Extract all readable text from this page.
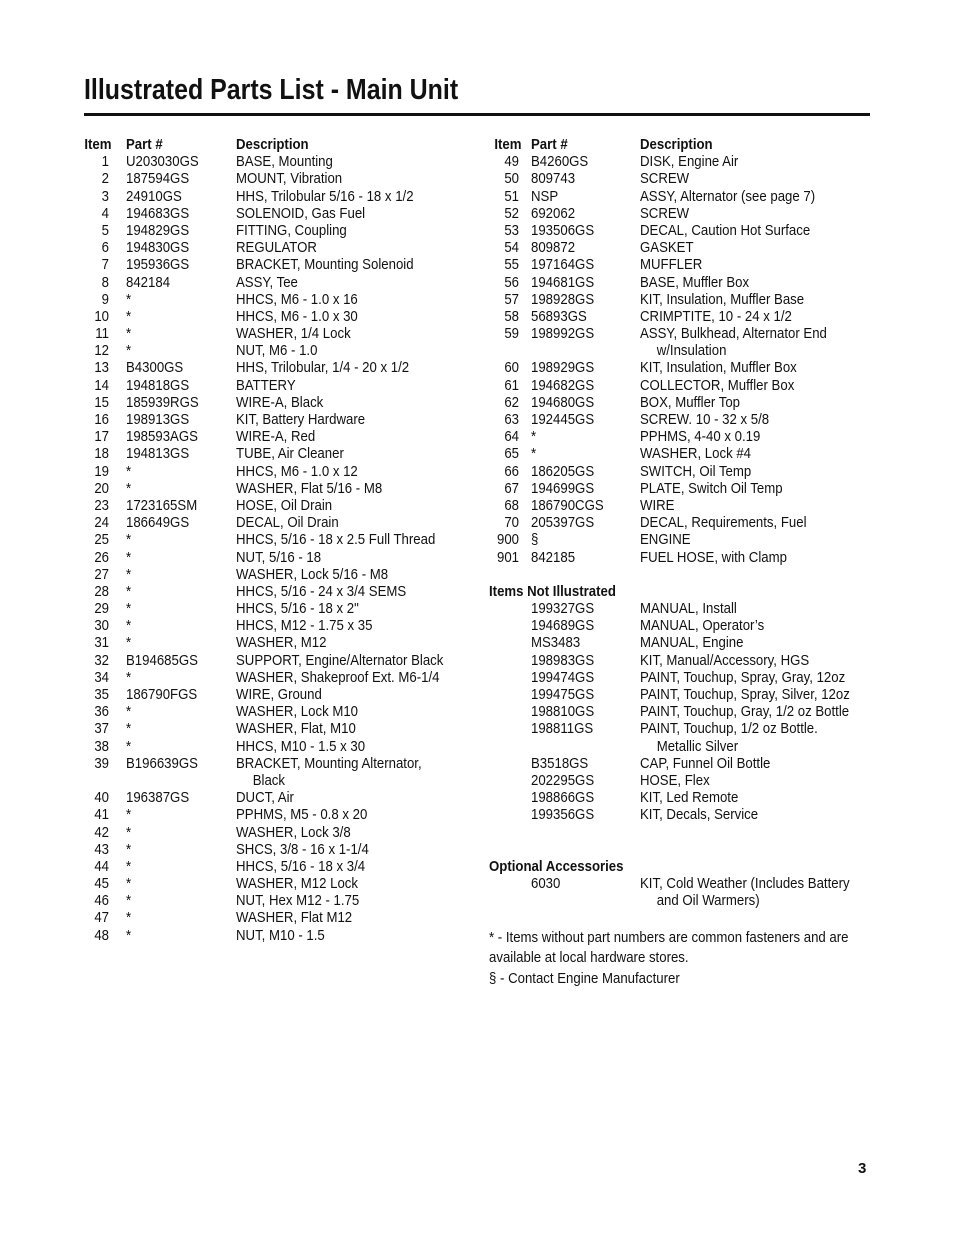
Illustrated Parts List - Main Unit
Item Part #	Description
1 U203030GS BASE, Mounting
2 187594GS	MOUNT, Vibration
3 24910GS	HHS, Trilobular 5/16 - 18 x 1/2
4 194683GS	SOLENOID, Gas Fuel
5 194829GS	FITTING, Coupling
6 194830GS	REGULATOR
7 195936GS	BRACKET, Mounting Solenoid
8 842184	ASSY, Tee
9 *	HHCS, M6 - 1.0 x 16
10 *	HHCS, M6 - 1.0 x 30
11 *	WASHER, 1/4 Lock
12 *	NUT, M6 - 1.0
13 B4300GS	HHS, Trilobular, 1/4 - 20 x 1/2
14 194818GS	BATTERY
15 185939RGS WIRE-A, Black
16 198913GS	KIT, Battery Hardware
17 198593AGS	WIRE-A, Red
18 194813GS	TUBE, Air Cleaner
19 *	HHCS, M6 - 1.0 x 12
20 *	WASHER, Flat 5/16 - M8
23 1723165SM	HOSE, Oil Drain
24 186649GS	DECAL, Oil Drain
25 *	HHCS, 5/16 - 18 x 2.5 Full Thread
26 *	NUT, 5/16 - 18
27 *	WASHER, Lock 5/16 - M8
28 *	HHCS, 5/16 - 24 x 3/4 SEMS
29 *	HHCS, 5/16 - 18 x 2"
30 *	HHCS, M12 - 1.75 x 35
31 *	WASHER, M12
32 B194685GS	SUPPORT, Engine/Alternator Black
34 *	WASHER, Shakeproof Ext. M6-1/4
35 186790FGS	WIRE, Ground
36 *	WASHER, Lock M10
37 *	WASHER, Flat, M10
38 *	HHCS, M10 - 1.5 x 30
39 B196639GS	BRACKET, Mounting Alternator,
Black
40 196387GS	DUCT, Air
41 *	PPHMS, M5 - 0.8 x 20
42 *	WASHER, Lock 3/8
43 *	SHCS, 3/8 - 16 x 1-1/4
44 *	HHCS, 5/16 - 18 x 3/4
45 *	WASHER, M12 Lock
46 *	NUT, Hex M12 - 1.75
47 *	WASHER, Flat M12
48 *	NUT, M10 - 1.5
Item Part #	Description
49 B4260GS	DISK, Engine Air
50 809743	SCREW
51 NSP	ASSY, Alternator (see page 7)
52 692062	SCREW
53 193506GS	DECAL, Caution Hot Surface
54 809872	GASKET
55 197164GS	MUFFLER
56 194681GS	BASE, Muffler Box
57 198928GS	KIT, Insulation, Muffler Base
58 56893GS	CRIMPTITE, 10 - 24 x 1/2
59 198992GS	ASSY, Bulkhead, Alternator End
w/Insulation
60 198929GS	KIT, Insulation, Muffler Box
61 194682GS	COLLECTOR, Muffler Box
62 194680GS	BOX, Muffler Top
63 192445GS	SCREW. 10 - 32 x 5/8
64 *	PPHMS, 4-40 x 0.19
65 *	WASHER, Lock #4
66 186205GS	SWITCH, Oil Temp
67 194699GS	PLATE, Switch Oil Temp
68 186790CGS WIRE
70 205397GS	DECAL, Requirements, Fuel
900 §	ENGINE
901 842185	FUEL HOSE, with Clamp
Items Not Illustrated
199327GS	MANUAL, Install
194689GS	MANUAL, Operator’s
MS3483	MANUAL, Engine
198983GS	KIT, Manual/Accessory, HGS
199474GS	PAINT, Touchup, Spray, Gray, 12oz
199475GS	PAINT, Touchup, Spray, Silver, 12oz
198810GS	PAINT, Touchup, Gray, 1/2 oz Bottle
198811GS	PAINT, Touchup, 1/2 oz Bottle.
Metallic Silver
B3518GS	CAP, Funnel Oil Bottle
202295GS	HOSE, Flex
198866GS	KIT, Led Remote
199356GS	KIT, Decals, Service
Optional Accessories
6030	KIT, Cold Weather (Includes Battery
and Oil Warmers)
* - Items without part numbers are common fasteners and are available at local hardware stores.
§ - Contact Engine Manufacturer
3
